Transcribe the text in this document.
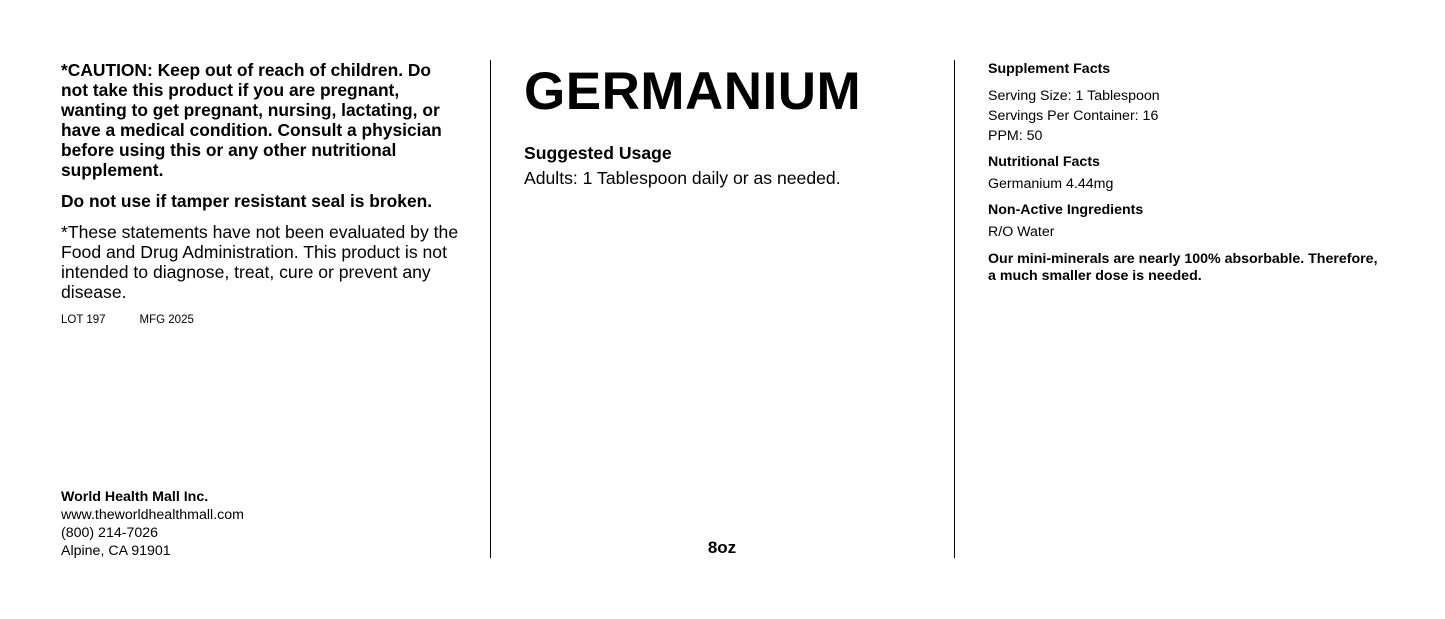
*CAUTION: Keep out of reach of children. Do not take this product if you are pregnant, wanting to get pregnant, nursing, lactating, or have a medical condition. Consult a physician before using this or any other nutritional supplement.

Do not use if tamper resistant seal is broken.

*These statements have not been evaluated by the Food and Drug Administration. This product is not intended to diagnose, treat, cure or prevent any disease.

LOT 197	MFG 2025
World Health Mall Inc.
www.theworldhealthmall.com
(800) 214-7026
Alpine, CA 91901
GERMANIUM
Suggested Usage
Adults: 1 Tablespoon daily or as needed.
8oz
Supplement Facts
Serving Size: 1 Tablespoon
Servings Per Container: 16
PPM: 50
Nutritional Facts
Germanium 4.44mg
Non-Active Ingredients
R/O Water

Our mini-minerals are nearly 100% absorbable. Therefore, a much smaller dose is needed.
